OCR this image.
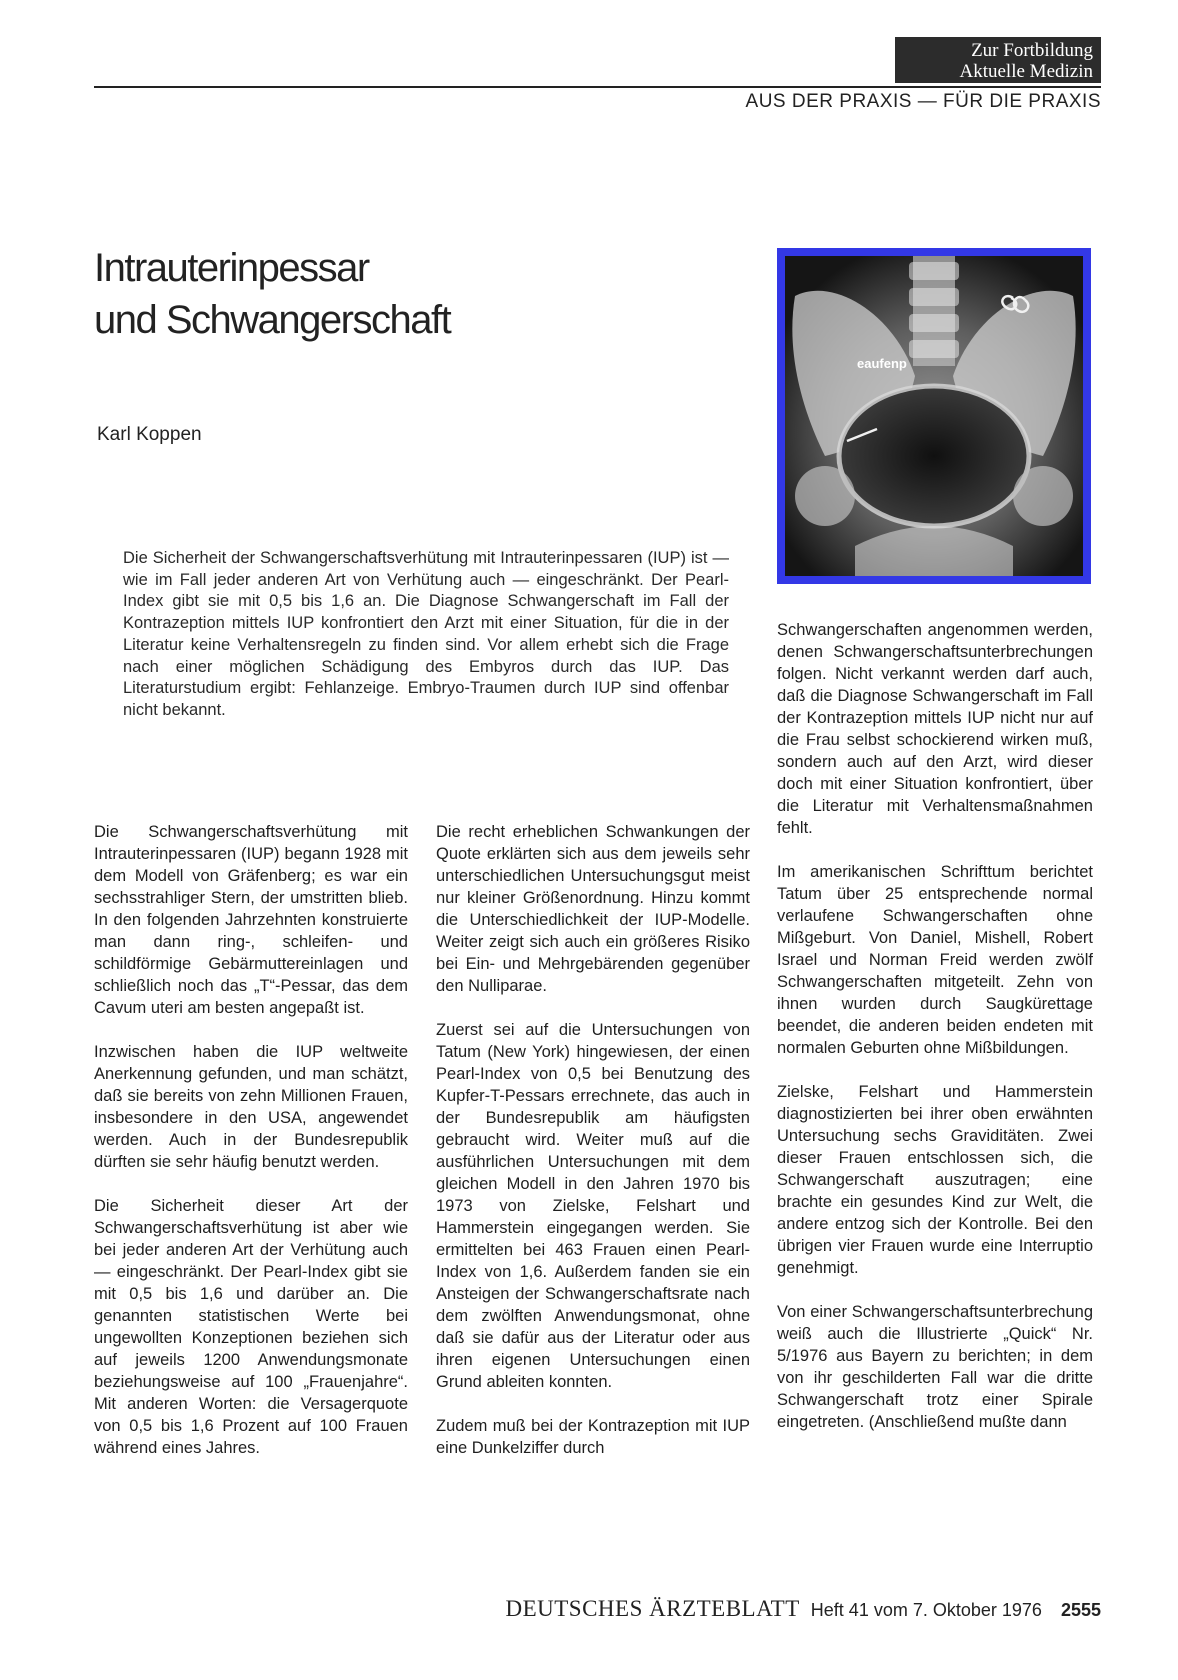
Zur Fortbildung
Aktuelle Medizin
AUS DER PRAXIS — FÜR DIE PRAXIS
Intrauterinpessar
und Schwangerschaft
Karl Koppen

Die Sicherheit der Schwangerschaftsverhütung mit Intrauterinpessaren (IUP) ist — wie im Fall jeder anderen Art von Verhütung auch — eingeschränkt. Der Pearl-Index gibt sie mit 0,5 bis 1,6 an. Die Diagnose Schwangerschaft im Fall der Kontrazeption mittels IUP konfrontiert den Arzt mit einer Situation, für die in der Literatur keine Verhaltensregeln zu finden sind. Vor allem erhebt sich die Frage nach einer möglichen Schädigung des Embyros durch das IUP. Das Literaturstudium ergibt: Fehlanzeige. Embryo-Traumen durch IUP sind offenbar nicht bekannt.

eaufenp

Die Schwangerschaftsverhütung mit Intrauterinpessaren (IUP) begann 1928 mit dem Modell von Gräfenberg; es war ein sechsstrahliger Stern, der umstritten blieb. In den folgenden Jahrzehnten konstruierte man dann ring-, schleifen- und schildförmige Gebärmuttereinlagen und schließlich noch das „T“-Pessar, das dem Cavum uteri am besten angepaßt ist.

Inzwischen haben die IUP weltweite Anerkennung gefunden, und man schätzt, daß sie bereits von zehn Millionen Frauen, insbesondere in den USA, angewendet werden. Auch in der Bundesrepublik dürften sie sehr häufig benutzt werden.

Die Sicherheit dieser Art der Schwangerschaftsverhütung ist aber wie bei jeder anderen Art der Verhütung auch — eingeschränkt. Der Pearl-Index gibt sie mit 0,5 bis 1,6 und darüber an. Die genannten statistischen Werte bei ungewollten Konzeptionen beziehen sich auf jeweils 1200 Anwendungsmonate beziehungsweise auf 100 „Frauenjahre“. Mit anderen Worten: die Versagerquote von 0,5 bis 1,6 Prozent auf 100 Frauen während eines Jahres.

Die recht erheblichen Schwankungen der Quote erklärten sich aus dem jeweils sehr unterschiedlichen Untersuchungsgut meist nur kleiner Größenordnung. Hinzu kommt die Unterschiedlichkeit der IUP-Modelle. Weiter zeigt sich auch ein größeres Risiko bei Ein- und Mehrgebärenden gegenüber den Nulliparae.

Zuerst sei auf die Untersuchungen von Tatum (New York) hingewiesen, der einen Pearl-Index von 0,5 bei Benutzung des Kupfer-T-Pessars errechnete, das auch in der Bundesrepublik am häufigsten gebraucht wird. Weiter muß auf die ausführlichen Untersuchungen mit dem gleichen Modell in den Jahren 1970 bis 1973 von Zielske, Felshart und Hammerstein eingegangen werden. Sie ermittelten bei 463 Frauen einen Pearl-Index von 1,6. Außerdem fanden sie ein Ansteigen der Schwangerschaftsrate nach dem zwölften Anwendungsmonat, ohne daß sie dafür aus der Literatur oder aus ihren eigenen Untersuchungen einen Grund ableiten konnten.

Zudem muß bei der Kontrazeption mit IUP eine Dunkelziffer durch

Schwangerschaften angenommen werden, denen Schwangerschaftsunterbrechungen folgen. Nicht verkannt werden darf auch, daß die Diagnose Schwangerschaft im Fall der Kontrazeption mittels IUP nicht nur auf die Frau selbst schockierend wirken muß, sondern auch auf den Arzt, wird dieser doch mit einer Situation konfrontiert, über die Literatur mit Verhaltensmaßnahmen fehlt.

Im amerikanischen Schrifttum berichtet Tatum über 25 entsprechende normal verlaufene Schwangerschaften ohne Mißgeburt. Von Daniel, Mishell, Robert Israel und Norman Freid werden zwölf Schwangerschaften mitgeteilt. Zehn von ihnen wurden durch Saugkürettage beendet, die anderen beiden endeten mit normalen Geburten ohne Mißbildungen.

Zielske, Felshart und Hammerstein diagnostizierten bei ihrer oben erwähnten Untersuchung sechs Graviditäten. Zwei dieser Frauen entschlossen sich, die Schwangerschaft auszutragen; eine brachte ein gesundes Kind zur Welt, die andere entzog sich der Kontrolle. Bei den übrigen vier Frauen wurde eine Interruptio genehmigt.

Von einer Schwangerschaftsunterbrechung weiß auch die Illustrierte „Quick“ Nr. 5/1976 aus Bayern zu berichten; in dem von ihr geschilderten Fall war die dritte Schwangerschaft trotz einer Spirale eingetreten. (Anschließend mußte dann

DEUTSCHES ÄRZTEBLATT Heft 41 vom 7. Oktober 1976 2555
